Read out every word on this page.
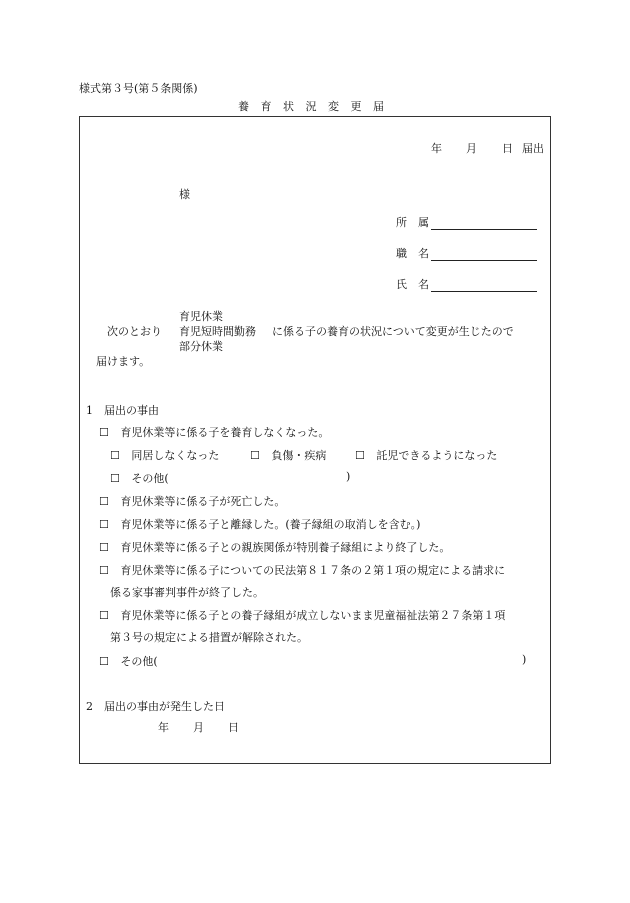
様式第３号(第５条関係)
養 育 状 況 変 更 届
年 月 日 届出
様
所　属
職　名
氏　名
育児休業
次のとおり 育児短時間勤務 に係る子の養育の状況について変更が生じたので
部分休業
届けます。
1　届出の事由
☐ 育児休業等に係る子を養育しなくなった。
☐ 同居しなくなった	☐ 負傷・疾病	☐ 託児できるようになった
☐ その他(	)
☐ 育児休業等に係る子が死亡した。
☐ 育児休業等に係る子と離縁した。(養子縁組の取消しを含む。)
☐ 育児休業等に係る子との親族関係が特別養子縁組により終了した。
☐ 育児休業等に係る子についての民法第８１７条の２第１項の規定による請求に
係る家事審判事件が終了した。
☐ 育児休業等に係る子との養子縁組が成立しないまま児童福祉法第２７条第１項
第３号の規定による措置が解除された。
☐ その他(	)
2　届出の事由が発生した日
年 月 日
